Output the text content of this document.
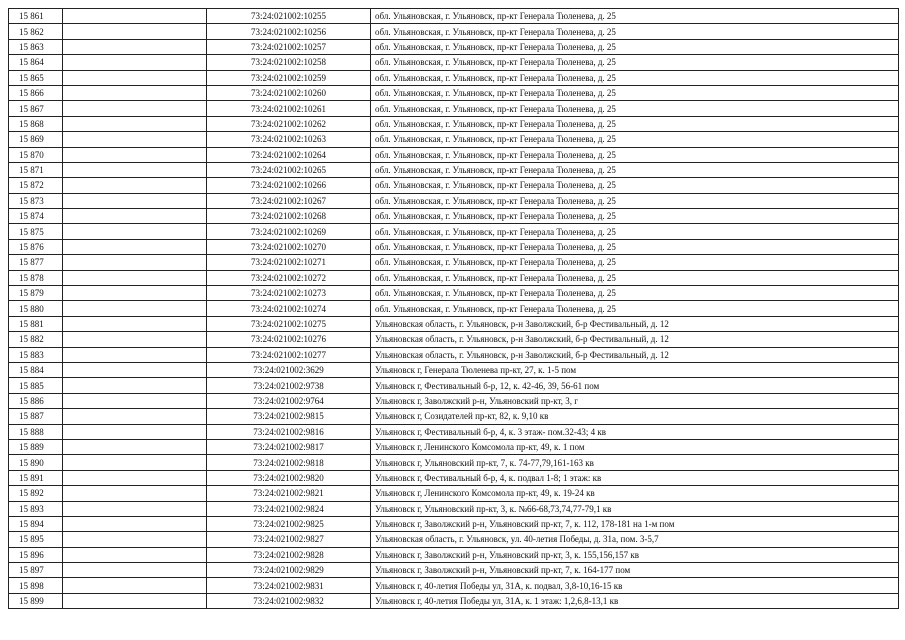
15 861		73:24:021002:10255	обл. Ульяновская, г. Ульяновск, пр-кт Генерала Тюленева, д. 25
15 862		73:24:021002:10256	обл. Ульяновская, г. Ульяновск, пр-кт Генерала Тюленева, д. 25
15 863		73:24:021002:10257	обл. Ульяновская, г. Ульяновск, пр-кт Генерала Тюленева, д. 25
15 864		73:24:021002:10258	обл. Ульяновская, г. Ульяновск, пр-кт Генерала Тюленева, д. 25
15 865		73:24:021002:10259	обл. Ульяновская, г. Ульяновск, пр-кт Генерала Тюленева, д. 25
15 866		73:24:021002:10260	обл. Ульяновская, г. Ульяновск, пр-кт Генерала Тюленева, д. 25
15 867		73:24:021002:10261	обл. Ульяновская, г. Ульяновск, пр-кт Генерала Тюленева, д. 25
15 868		73:24:021002:10262	обл. Ульяновская, г. Ульяновск, пр-кт Генерала Тюленева, д. 25
15 869		73:24:021002:10263	обл. Ульяновская, г. Ульяновск, пр-кт Генерала Тюленева, д. 25
15 870		73:24:021002:10264	обл. Ульяновская, г. Ульяновск, пр-кт Генерала Тюленева, д. 25
15 871		73:24:021002:10265	обл. Ульяновская, г. Ульяновск, пр-кт Генерала Тюленева, д. 25
15 872		73:24:021002:10266	обл. Ульяновская, г. Ульяновск, пр-кт Генерала Тюленева, д. 25
15 873		73:24:021002:10267	обл. Ульяновская, г. Ульяновск, пр-кт Генерала Тюленева, д. 25
15 874		73:24:021002:10268	обл. Ульяновская, г. Ульяновск, пр-кт Генерала Тюленева, д. 25
15 875		73:24:021002:10269	обл. Ульяновская, г. Ульяновск, пр-кт Генерала Тюленева, д. 25
15 876		73:24:021002:10270	обл. Ульяновская, г. Ульяновск, пр-кт Генерала Тюленева, д. 25
15 877		73:24:021002:10271	обл. Ульяновская, г. Ульяновск, пр-кт Генерала Тюленева, д. 25
15 878		73:24:021002:10272	обл. Ульяновская, г. Ульяновск, пр-кт Генерала Тюленева, д. 25
15 879		73:24:021002:10273	обл. Ульяновская, г. Ульяновск, пр-кт Генерала Тюленева, д. 25
15 880		73:24:021002:10274	обл. Ульяновская, г. Ульяновск, пр-кт Генерала Тюленева, д. 25
15 881		73:24:021002:10275	Ульяновская область, г. Ульяновск, р-н Заволжский, б-р Фестивальный, д. 12
15 882		73:24:021002:10276	Ульяновская область, г. Ульяновск, р-н Заволжский, б-р Фестивальный, д. 12
15 883		73:24:021002:10277	Ульяновская область, г. Ульяновск, р-н Заволжский, б-р Фестивальный, д. 12
15 884		73:24:021002:3629	Ульяновск г, Генерала Тюленева пр-кт, 27, к. 1-5 пом
15 885		73:24:021002:9738	Ульяновск г, Фестивальный б-р, 12, к. 42-46, 39, 56-61 пом
15 886		73:24:021002:9764	Ульяновск г, Заволжский р-н, Ульяновский пр-кт, 3, г
15 887		73:24:021002:9815	Ульяновск г, Созидателей пр-кт, 82, к. 9,10 кв
15 888		73:24:021002:9816	Ульяновск г, Фестивальный б-р, 4, к. 3 этаж- пом.32-43; 4 кв
15 889		73:24:021002:9817	Ульяновск г, Ленинского Комсомола пр-кт, 49, к. 1 пом
15 890		73:24:021002:9818	Ульяновск г, Ульяновский пр-кт, 7, к. 74-77,79,161-163 кв
15 891		73:24:021002:9820	Ульяновск г, Фестивальный б-р, 4, к. подвал 1-8; 1 этаж: кв
15 892		73:24:021002:9821	Ульяновск г, Ленинского Комсомола пр-кт, 49, к. 19-24 кв
15 893		73:24:021002:9824	Ульяновск г, Ульяновский пр-кт, 3, к. №66-68,73,74,77-79,1 кв
15 894		73:24:021002:9825	Ульяновск г, Заволжский р-н, Ульяновский пр-кт, 7, к. 112, 178-181 на 1-м пом
15 895		73:24:021002:9827	Ульяновская область, г. Ульяновск, ул. 40-летия Победы, д. 31а, пом. 3-5,7
15 896		73:24:021002:9828	Ульяновск г, Заволжский р-н, Ульяновский пр-кт, 3, к. 155,156,157 кв
15 897		73:24:021002:9829	Ульяновск г, Заволжский р-н, Ульяновский пр-кт, 7, к. 164-177 пом
15 898		73:24:021002:9831	Ульяновск г, 40-летия Победы ул, 31А, к. подвал, 3,8-10,16-15 кв
15 899		73:24:021002:9832	Ульяновск г, 40-летия Победы ул, 31А, к. 1 этаж: 1,2,6,8-13,1 кв
